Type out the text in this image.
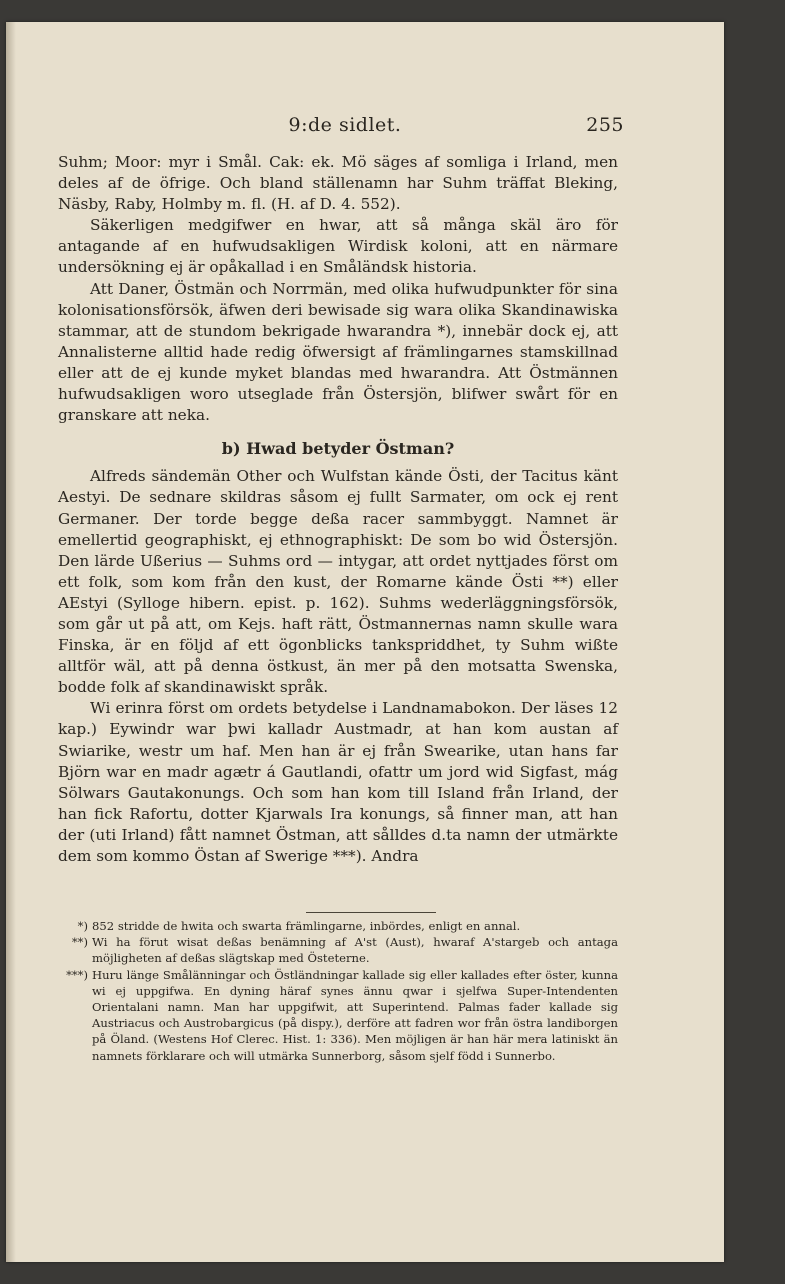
9:de sidlet.	255

Suhm; Moor: myr i Smål. Cak: ek. Mö säges af somliga i Irland, men deles af de öfrige. Och bland ställenamn har Suhm träffat Bleking, Näsby, Raby, Holmby m. fl. (H. af D. 4. 552).

Säkerligen medgifwer en hwar, att så många skäl äro för antagande af en hufwudsakligen Wirdisk koloni, att en närmare undersökning ej är opåkallad i en Småländsk historia.

Att Daner, Östmän och Norrmän, med olika hufwudpunkter för sina kolonisationsförsök, äfwen deri bewisade sig wara olika Skandinawiska stammar, att de stundom bekrigade hwarandra *), innebär dock ej, att Annalisterne alltid hade redig öfwersigt af främlingarnes stamskillnad eller att de ej kunde myket blandas med hwarandra. Att Östmännen hufwudsakligen woro utseglade från Östersjön, blifwer swårt för en granskare att neka.

b) Hwad betyder Östman?

Alfreds sändemän Other och Wulfstan kände Östi, der Tacitus känt Aestyi. De sednare skildras såsom ej fullt Sarmater, om ock ej rent Germaner. Der torde begge deßa racer sammbyggt. Namnet är emellertid geographiskt, ej ethnographiskt: De som bo wid Östersjön. Den lärde Ußerius — Suhms ord — intygar, att ordet nyttjades först om ett folk, som kom från den kust, der Romarne kände Östi **) eller AEstyi (Sylloge hibern. epist. p. 162). Suhms wederläggningsförsök, som går ut på att, om Kejs. haft rätt, Östmannernas namn skulle wara Finska, är en följd af ett ögonblicks tankspriddhet, ty Suhm wißte alltför wäl, att på denna östkust, än mer på den motsatta Swenska, bodde folk af skandinawiskt språk.

Wi erinra först om ordets betydelse i Landnamabokon. Der läses 12 kap.) Eywindr war þwi kalladr Austmadr, at han kom austan af Swiarike, westr um haf. Men han är ej från Swearike, utan hans far Björn war en madr agætr á Gautlandi, ofattr um jord wid Sigfast, mág Sölwars Gautakonungs. Och som han kom till Island från Irland, der han fick Rafortu, dotter Kjarwals Ira konungs, så finner man, att han der (uti Irland) fått namnet Östman, att sålldes d.ta namn der utmärkte dem som kommo Östan af Swerige ***). Andra

*) 852 stridde de hwita och swarta främlingarne, inbördes, enligt en annal.
**) Wi ha förut wisat deßas benämning af A'st (Aust), hwaraf A'stargeb och antaga möjligheten af deßas slägtskap med Östeterne.
***) Huru länge Smålänningar och Östländningar kallade sig eller kallades efter öster, kunna wi ej uppgifwa. En dyning häraf synes ännu qwar i sjelfwa Super-Intendenten Orientalani namn. Man har uppgifwit, att Superintend. Palmas fader kallade sig Austriacus och Austrobargicus (på dispy.), derföre att fadren wor från östra landiborgen på Öland. (Westens Hof Clerec. Hist. 1: 336). Men möjligen är han här mera latiniskt än namnets förklarare och will utmärka Sunnerborg, såsom sjelf född i Sunnerbo.
